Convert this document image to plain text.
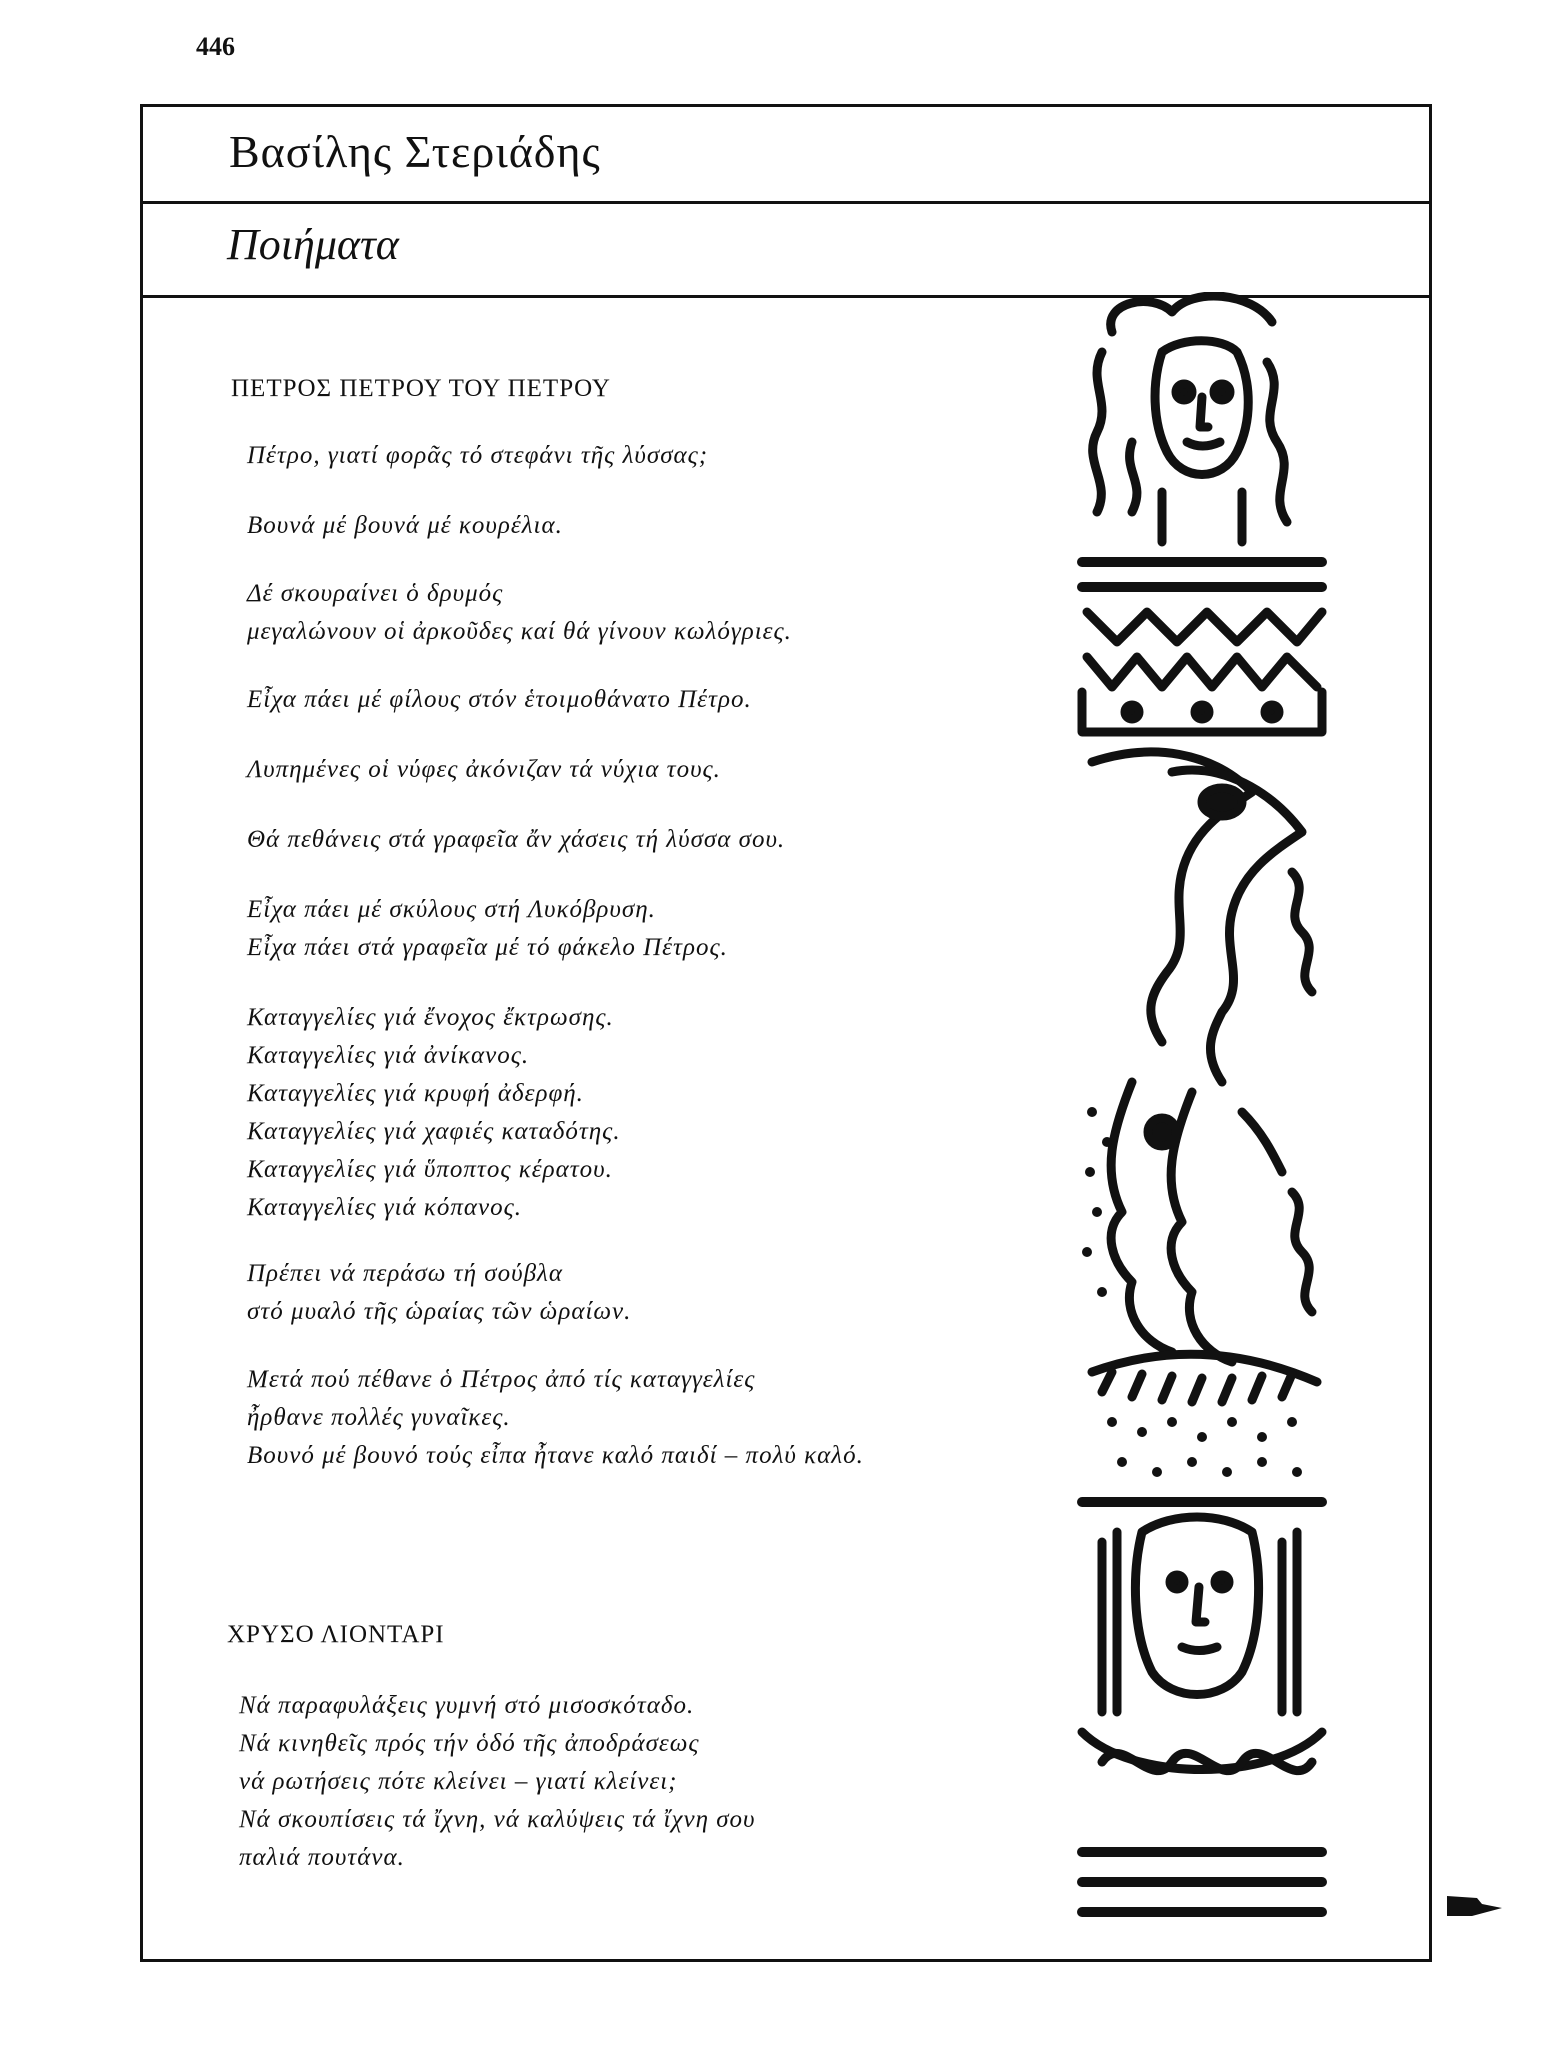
446
Βασίλης Στεριάδης
Ποιήματα
ΠΕΤΡΟΣ ΠΕΤΡΟΥ ΤΟΥ ΠΕΤΡΟΥ
Πέτρο, γιατί φορᾶς τό στεφάνι τῆς λύσσας;
Βουνά μέ βουνά μέ κουρέλια.
Δέ σκουραίνει ὁ δρυμός
μεγαλώνουν οἱ ἀρκοῦδες καί θά γίνουν κωλόγριες.
Εἶχα πάει μέ φίλους στόν ἑτοιμοθάνατο Πέτρο.
Λυπημένες οἱ νύφες ἀκόνιζαν τά νύχια τους.
Θά πεθάνεις στά γραφεῖα ἄν χάσεις τή λύσσα σου.
Εἶχα πάει μέ σκύλους στή Λυκόβρυση.
Εἶχα πάει στά γραφεῖα μέ τό φάκελο Πέτρος.
Καταγγελίες γιά ἔνοχος ἔκτρωσης.
Καταγγελίες γιά ἀνίκανος.
Καταγγελίες γιά κρυφή ἀδερφή.
Καταγγελίες γιά χαφιές καταδότης.
Καταγγελίες γιά ὕποπτος κέρατου.
Καταγγελίες γιά κόπανος.
Πρέπει νά περάσω τή σούβλα
στό μυαλό τῆς ὡραίας τῶν ὡραίων.
Μετά πού πέθανε ὁ Πέτρος ἀπό τίς καταγγελίες
ἦρθανε πολλές γυναῖκες.
Βουνό μέ βουνό τούς εἶπα ἦτανε καλό παιδί – πολύ καλό.
ΧΡΥΣΟ ΛΙΟΝΤΑΡΙ
Νά παραφυλάξεις γυμνή στό μισοσκόταδο.
Νά κινηθεῖς πρός τήν ὁδό τῆς ἀποδράσεως
νά ρωτήσεις πότε κλείνει – γιατί κλείνει;
Νά σκουπίσεις τά ἴχνη, νά καλύψεις τά ἴχνη σου
παλιά πουτάνα.
